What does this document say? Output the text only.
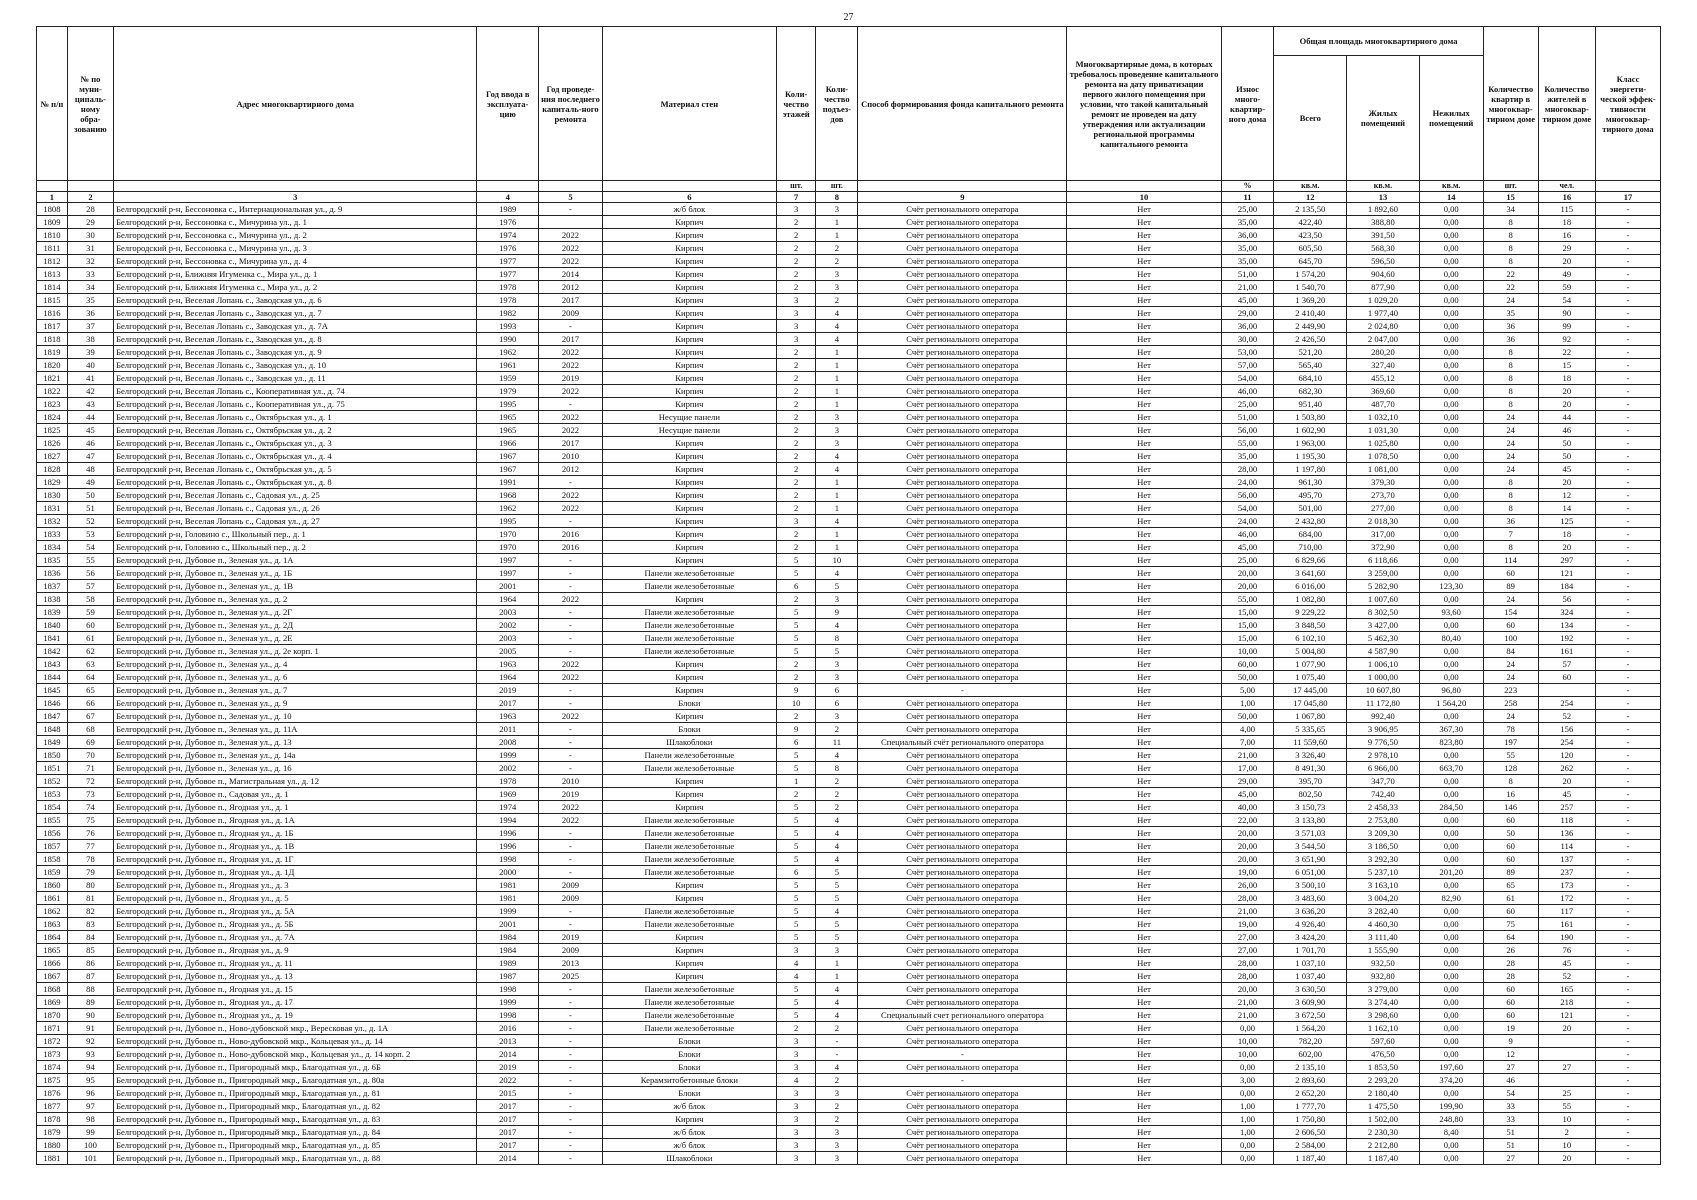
27
№ п/п	№ по муни-ципаль-ному обра-зованию	Адрес многоквартирного дома	Год ввода в эксплуата-цию	Год проведе-ния последнего капиталь-ного ремонта	Материал стен	Коли-чество этажей	Коли-чество подъез-дов	Способ формирования фонда капитального ремонта	Многоквартирные дома, в которых требовалось проведение капитального ремонта на дату приватизации первого жилого помещения при условии, что такой капитальный ремонт не проведен на дату утверждения или актуализации региональной программы капитального ремонта	Износ много-квартир-ного дома	Общая площадь многоквартирного дома			Количество квартир в многоквар-тирном доме	Количество жителей в многоквар-тирном доме	Класс энергети-ческой эффек-тивности многоквар-тирного дома
											Всего	Жилых помещений	Нежилых помещений			
						шт.	шт.			%	кв.м.	кв.м.	кв.м.	шт.	чел.	
1	2	3	4	5	6	7	8	9	10	11	12	13	14	15	16	17
1808	28	Белгородский р-н, Бессоновка с., Интернациональная ул., д. 9	1989	-	ж/б блок	3	3	Счёт регионального оператора	Нет	25,00	2 135,50	1 892,60	0,00	34	115	-
1809	29	Белгородский р-н, Бессоновка с., Мичурина ул., д. 1	1976		Кирпич	2	1	Счёт регионального оператора	Нет	35,00	422,40	388,80	0,00	8	18	-
1810	30	Белгородский р-н, Бессоновка с., Мичурина ул., д. 2	1974	2022	Кирпич	2	1	Счёт регионального оператора	Нет	36,00	423,50	391,50	0,00	8	16	-
1811	31	Белгородский р-н, Бессоновка с., Мичурина ул., д. 3	1976	2022	Кирпич	2	2	Счёт регионального оператора	Нет	35,00	605,50	568,30	0,00	8	29	-
1812	32	Белгородский р-н, Бессоновка с., Мичурина ул., д. 4	1977	2022	Кирпич	2	2	Счёт регионального оператора	Нет	35,00	645,70	596,50	0,00	8	20	-
1813	33	Белгородский р-н, Ближняя Игуменка с., Мира ул., д. 1	1977	2014	Кирпич	2	3	Счёт регионального оператора	Нет	51,00	1 574,20	904,60	0,00	22	49	-
1814	34	Белгородский р-н, Ближняя Игуменка с., Мира ул., д. 2	1978	2012	Кирпич	2	3	Счёт регионального оператора	Нет	21,00	1 540,70	877,90	0,00	22	59	-
1815	35	Белгородский р-н, Веселая Лопань с., Заводская ул., д. 6	1978	2017	Кирпич	3	2	Счёт регионального оператора	Нет	45,00	1 369,20	1 029,20	0,00	24	54	-
1816	36	Белгородский р-н, Веселая Лопань с., Заводская ул., д. 7	1982	2009	Кирпич	3	4	Счёт регионального оператора	Нет	29,00	2 410,40	1 977,40	0,00	35	90	-
1817	37	Белгородский р-н, Веселая Лопань с., Заводская ул., д. 7А	1993	-	Кирпич	3	4	Счёт регионального оператора	Нет	36,00	2 449,90	2 024,80	0,00	36	99	-
1818	38	Белгородский р-н, Веселая Лопань с., Заводская ул., д. 8	1990	2017	Кирпич	3	4	Счёт регионального оператора	Нет	30,00	2 426,50	2 047,00	0,00	36	92	-
1819	39	Белгородский р-н, Веселая Лопань с., Заводская ул., д. 9	1962	2022	Кирпич	2	1	Счёт регионального оператора	Нет	53,00	521,20	280,20	0,00	8	22	-
1820	40	Белгородский р-н, Веселая Лопань с., Заводская ул., д. 10	1961	2022	Кирпич	2	1	Счёт регионального оператора	Нет	57,00	565,40	327,40	0,00	8	15	-
1821	41	Белгородский р-н, Веселая Лопань с., Заводская ул., д. 11	1959	2019	Кирпич	2	1	Счёт регионального оператора	Нет	54,00	684,10	455,12	0,00	8	18	-
1822	42	Белгородский р-н, Веселая Лопань с., Кооперативная ул., д. 74	1979	2022	Кирпич	2	1	Счёт регионального оператора	Нет	46,00	682,30	369,60	0,00	8	20	-
1823	43	Белгородский р-н, Веселая Лопань с., Кооперативная ул., д. 75	1995	-	Кирпич	2	1	Счёт регионального оператора	Нет	25,00	951,40	487,70	0,00	8	20	-
1824	44	Белгородский р-н, Веселая Лопань с., Октябрьская ул., д. 1	1965	2022	Несущие панели	2	3	Счёт регионального оператора	Нет	51,00	1 503,80	1 032,10	0,00	24	44	-
1825	45	Белгородский р-н, Веселая Лопань с., Октябрьская ул., д. 2	1965	2022	Несущие панели	2	3	Счёт регионального оператора	Нет	56,00	1 602,90	1 031,30	0,00	24	46	-
1826	46	Белгородский р-н, Веселая Лопань с., Октябрьская ул., д. 3	1966	2017	Кирпич	2	3	Счёт регионального оператора	Нет	55,00	1 963,00	1 025,80	0,00	24	50	-
1827	47	Белгородский р-н, Веселая Лопань с., Октябрьская ул., д. 4	1967	2010	Кирпич	2	4	Счёт регионального оператора	Нет	35,00	1 195,30	1 078,50	0,00	24	50	-
1828	48	Белгородский р-н, Веселая Лопань с., Октябрьская ул., д. 5	1967	2012	Кирпич	2	4	Счёт регионального оператора	Нет	28,00	1 197,80	1 081,00	0,00	24	45	-
1829	49	Белгородский р-н, Веселая Лопань с., Октябрьская ул., д. 8	1991	-	Кирпич	2	1	Счёт регионального оператора	Нет	24,00	961,30	379,30	0,00	8	20	-
1830	50	Белгородский р-н, Веселая Лопань с., Садовая ул., д. 25	1968	2022	Кирпич	2	1	Счёт регионального оператора	Нет	56,00	495,70	273,70	0,00	8	12	-
1831	51	Белгородский р-н, Веселая Лопань с., Садовая ул., д. 26	1962	2022	Кирпич	2	1	Счёт регионального оператора	Нет	54,00	501,00	277,00	0,00	8	14	-
1832	52	Белгородский р-н, Веселая Лопань с., Садовая ул., д. 27	1995	-	Кирпич	3	4	Счёт регионального оператора	Нет	24,00	2 432,80	2 018,30	0,00	36	125	-
1833	53	Белгородский р-н, Головино с., Школьный пер., д. 1	1970	2016	Кирпич	2	1	Счёт регионального оператора	Нет	46,00	684,00	317,00	0,00	7	18	-
1834	54	Белгородский р-н, Головино с., Школьный пер., д. 2	1970	2016	Кирпич	2	1	Счёт регионального оператора	Нет	45,00	710,00	372,90	0,00	8	20	-
1835	55	Белгородский р-н, Дубовое п., Зеленая ул., д. 1А	1997	-	Кирпич	5	10	Счёт регионального оператора	Нет	25,00	6 829,66	6 118,66	0,00	114	297	-
1836	56	Белгородский р-н, Дубовое п., Зеленая ул., д. 1Б	1997	-	Панели железобетонные	5	4	Счёт регионального оператора	Нет	20,00	3 641,60	3 259,00	0,00	60	121	-
1837	57	Белгородский р-н, Дубовое п., Зеленая ул., д. 1В	2001	-	Панели железобетонные	6	5	Счёт регионального оператора	Нет	20,00	6 016,00	5 282,90	123,30	89	184	-
1838	58	Белгородский р-н, Дубовое п., Зеленая ул., д. 2	1964	2022	Кирпич	2	3	Счёт регионального оператора	Нет	55,00	1 082,80	1 007,60	0,00	24	56	-
1839	59	Белгородский р-н, Дубовое п., Зеленая ул., д. 2Г	2003	-	Панели железобетонные	5	9	Счёт регионального оператора	Нет	15,00	9 229,22	8 302,50	93,60	154	324	-
1840	60	Белгородский р-н, Дубовое п., Зеленая ул., д. 2Д	2002	-	Панели железобетонные	5	4	Счёт регионального оператора	Нет	15,00	3 848,50	3 427,00	0,00	60	134	-
1841	61	Белгородский р-н, Дубовое п., Зеленая ул., д. 2Е	2003	-	Панели железобетонные	5	8	Счёт регионального оператора	Нет	15,00	6 102,10	5 462,30	80,40	100	192	-
1842	62	Белгородский р-н, Дубовое п., Зеленая ул., д. 2е корп. 1	2005	-	Панели железобетонные	5	5	Счёт регионального оператора	Нет	10,00	5 004,80	4 587,90	0,00	84	161	-
1843	63	Белгородский р-н, Дубовое п., Зеленая ул., д. 4	1963	2022	Кирпич	2	3	Счёт регионального оператора	Нет	60,00	1 077,90	1 006,10	0,00	24	57	-
1844	64	Белгородский р-н, Дубовое п., Зеленая ул., д. 6	1964	2022	Кирпич	2	3	Счёт регионального оператора	Нет	50,00	1 075,40	1 000,00	0,00	24	60	-
1845	65	Белгородский р-н, Дубовое п., Зеленая ул., д. 7	2019	-	Кирпич	9	6	-	Нет	5,00	17 445,00	10 607,80	96,80	223		-
1846	66	Белгородский р-н, Дубовое п., Зеленая ул., д. 9	2017	-	Блоки	10	6	Счёт регионального оператора	Нет	1,00	17 045,80	11 172,80	1 564,20	258	254	-
1847	67	Белгородский р-н, Дубовое п., Зеленая ул., д. 10	1963	2022	Кирпич	2	3	Счёт регионального оператора	Нет	50,00	1 067,80	992,40	0,00	24	52	-
1848	68	Белгородский р-н, Дубовое п., Зеленая ул., д. 11А	2011	-	Блоки	9	2	Счёт регионального оператора	Нет	4,00	5 335,65	3 906,95	367,30	78	156	-
1849	69	Белгородский р-н, Дубовое п., Зеленая ул., д. 13	2008	-	Шлакоблоки	6	11	Специальный счёт регионального оператора	Нет	7,00	11 559,60	9 776,50	823,80	197	254	-
1850	70	Белгородский р-н, Дубовое п., Зеленая ул., д. 14а	1999	-	Панели железобетонные	5	4	Счёт регионального оператора	Нет	21,00	3 326,40	2 978,10	0,00	55	120	-
1851	71	Белгородский р-н, Дубовое п., Зеленая ул., д. 16	2002	-	Панели железобетонные	5	8	Счёт регионального оператора	Нет	17,00	8 491,30	6 966,00	663,70	128	262	-
1852	72	Белгородский р-н, Дубовое п., Магистральная ул., д. 12	1978	2010	Кирпич	1	2	Счёт регионального оператора	Нет	29,00	395,70	347,70	0,00	8	20	-
1853	73	Белгородский р-н, Дубовое п., Садовая ул., д. 1	1969	2019	Кирпич	2	2	Счёт регионального оператора	Нет	45,00	802,50	742,40	0,00	16	45	-
1854	74	Белгородский р-н, Дубовое п., Ягодная ул., д. 1	1974	2022	Кирпич	5	2	Счёт регионального оператора	Нет	40,00	3 150,73	2 458,33	284,50	146	257	-
1855	75	Белгородский р-н, Дубовое п., Ягодная ул., д. 1А	1994	2022	Панели железобетонные	5	4	Счёт регионального оператора	Нет	22,00	3 133,80	2 753,80	0,00	60	118	-
1856	76	Белгородский р-н, Дубовое п., Ягодная ул., д. 1Б	1996	-	Панели железобетонные	5	4	Счёт регионального оператора	Нет	20,00	3 571,03	3 209,30	0,00	50	136	-
1857	77	Белгородский р-н, Дубовое п., Ягодная ул., д. 1В	1996	-	Панели железобетонные	5	4	Счёт регионального оператора	Нет	20,00	3 544,50	3 186,50	0,00	60	114	-
1858	78	Белгородский р-н, Дубовое п., Ягодная ул., д. 1Г	1998	-	Панели железобетонные	5	4	Счёт регионального оператора	Нет	20,00	3 651,90	3 292,30	0,00	60	137	-
1859	79	Белгородский р-н, Дубовое п., Ягодная ул., д. 1Д	2000	-	Панели железобетонные	6	5	Счёт регионального оператора	Нет	19,00	6 051,00	5 237,10	201,20	89	237	-
1860	80	Белгородский р-н, Дубовое п., Ягодная ул., д. 3	1981	2009	Кирпич	5	5	Счёт регионального оператора	Нет	26,00	3 500,10	3 163,10	0,00	65	173	-
1861	81	Белгородский р-н, Дубовое п., Ягодная ул., д. 5	1981	2009	Кирпич	5	5	Счёт регионального оператора	Нет	28,00	3 483,60	3 004,20	82,90	61	172	-
1862	82	Белгородский р-н, Дубовое п., Ягодная ул., д. 5А	1999	-	Панели железобетонные	5	4	Счёт регионального оператора	Нет	21,00	3 636,20	3 282,40	0,00	60	117	-
1863	83	Белгородский р-н, Дубовое п., Ягодная ул., д. 5Б	2001	-	Панели железобетонные	5	5	Счёт регионального оператора	Нет	19,00	4 926,40	4 460,30	0,00	75	161	-
1864	84	Белгородский р-н, Дубовое п., Ягодная ул., д. 7А	1984	2019	Кирпич	5	5	Счёт регионального оператора	Нет	27,00	3 424,20	3 111,40	0,00	64	190	-
1865	85	Белгородский р-н, Дубовое п., Ягодная ул., д. 9	1984	2009	Кирпич	3	3	Счёт регионального оператора	Нет	27,00	1 701,70	1 555,90	0,00	26	76	-
1866	86	Белгородский р-н, Дубовое п., Ягодная ул., д. 11	1989	2013	Кирпич	4	1	Счёт регионального оператора	Нет	28,00	1 037,10	932,50	0,00	28	45	-
1867	87	Белгородский р-н, Дубовое п., Ягодная ул., д. 13	1987	2025	Кирпич	4	1	Счёт регионального оператора	Нет	28,00	1 037,40	932,80	0,00	28	52	-
1868	88	Белгородский р-н, Дубовое п., Ягодная ул., д. 15	1998	-	Панели железобетонные	5	4	Счёт регионального оператора	Нет	20,00	3 630,50	3 279,00	0,00	60	165	-
1869	89	Белгородский р-н, Дубовое п., Ягодная ул., д. 17	1999	-	Панели железобетонные	5	4	Счёт регионального оператора	Нет	21,00	3 609,90	3 274,40	0,00	60	218	-
1870	90	Белгородский р-н, Дубовое п., Ягодная ул., д. 19	1998	-	Панели железобетонные	5	4	Специальный счет регионального оператора	Нет	21,00	3 672,50	3 298,60	0,00	60	121	-
1871	91	Белгородский р-н, Дубовое п., Ново-дубовской мкр., Вересковая ул., д. 1А	2016	-	Панели железобетонные	2	2	Счёт регионального оператора	Нет	0,00	1 564,20	1 162,10	0,00	19	20	-
1872	92	Белгородский р-н, Дубовое п., Ново-дубовской мкр., Кольцевая ул., д. 14	2013	-	Блоки	3	-	Счёт регионального оператора	Нет	10,00	782,20	597,60	0,00	9		-
1873	93	Белгородский р-н, Дубовое п., Ново-дубовской мкр., Кольцевая ул., д. 14 корп. 2	2014	-	Блоки	3	-	-	Нет	10,00	602,00	476,50	0,00	12		-
1874	94	Белгородский р-н, Дубовое п., Пригородный мкр., Благодатная ул., д. 6Б	2019	-	Блоки	3	4	Счёт регионального оператора	Нет	0,00	2 135,10	1 853,50	197,60	27	27	-
1875	95	Белгородский р-н, Дубовое п., Пригородный мкр., Благодатная ул., д. 80а	2022	-	Керамзитобетонные блоки	4	2	-	Нет	3,00	2 893,60	2 293,20	374,20	46		-
1876	96	Белгородский р-н, Дубовое п., Пригородный мкр., Благодатная ул., д. 81	2015	-	Блоки	3	3	Счёт регионального оператора	Нет	0,00	2 652,20	2 180,40	0,00	54	25	-
1877	97	Белгородский р-н, Дубовое п., Пригородный мкр., Благодатная ул., д. 82	2017	-	ж/б блок	3	2	Счёт регионального оператора	Нет	1,00	1 777,70	1 475,50	199,90	33	55	-
1878	98	Белгородский р-н, Дубовое п., Пригородный мкр., Благодатная ул., д. 83	2017	-	Кирпич	3	2	Счёт регионального оператора	Нет	1,00	1 750,80	1 502,00	248,80	33	10	-
1879	99	Белгородский р-н, Дубовое п., Пригородный мкр., Благодатная ул., д. 84	2017	-	ж/б блок	3	3	Счёт регионального оператора	Нет	1,00	2 606,50	2 230,30	8,40	51	2	-
1880	100	Белгородский р-н, Дубовое п., Пригородный мкр., Благодатная ул., д. 85	2017	-	ж/б блок	3	3	Счёт регионального оператора	Нет	0,00	2 584,00	2 212,80	0,00	51	10	-
1881	101	Белгородский р-н, Дубовое п., Пригородный мкр., Благодатная ул., д. 88	2014	-	Шлакоблоки	3	3	Счёт регионального оператора	Нет	0,00	1 187,40	1 187,40	0,00	27	20	-
